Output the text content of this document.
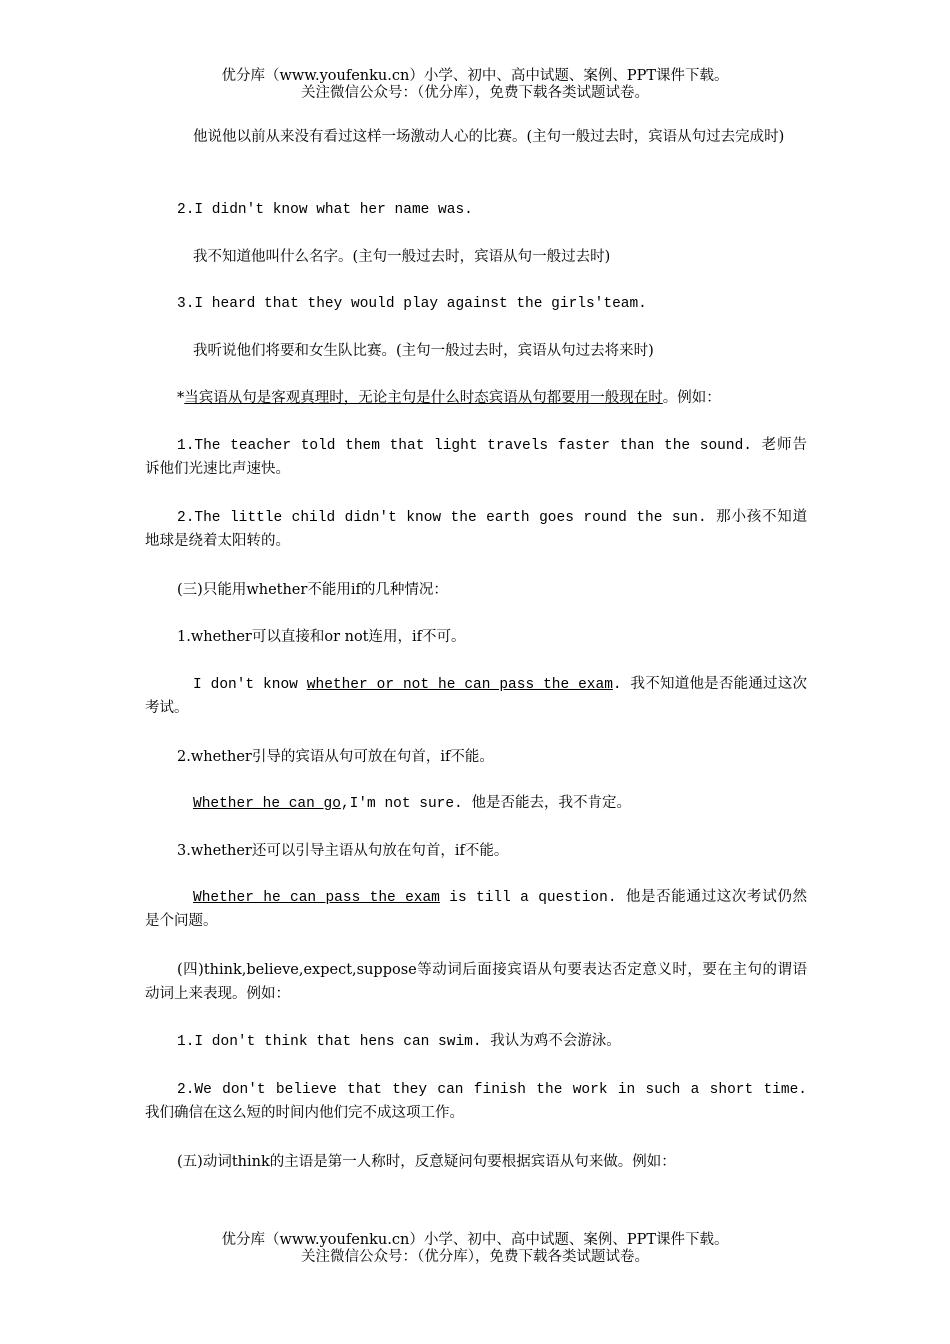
优分库（www.youfenku.cn）小学、初中、高中试题、案例、PPT课件下载。
关注微信公众号：（优分库），免费下载各类试题试卷。
他说他以前从来没有看过这样一场激动人心的比赛。(主句一般过去时，宾语从句过去完成时)
2.I didn't know what her name was.
我不知道他叫什么名字。(主句一般过去时，宾语从句一般过去时)
3.I heard that they would play against the girls'team.
我听说他们将要和女生队比赛。(主句一般过去时，宾语从句过去将来时)
*当宾语从句是客观真理时，无论主句是什么时态宾语从句都要用一般现在时。例如：
1.The teacher told them that light travels faster than the sound. 老师告诉他们光速比声速快。
2.The little child didn't know the earth goes round the sun. 那小孩不知道地球是绕着太阳转的。
(三)只能用whether不能用if的几种情况：
1.whether可以直接和or not连用，if不可。
I don't know whether or not he can pass the exam. 我不知道他是否能通过这次考试。
2.whether引导的宾语从句可放在句首，if不能。
Whether he can go,I'm not sure. 他是否能去，我不肯定。
3.whether还可以引导主语从句放在句首，if不能。
Whether he can pass the exam is till a question. 他是否能通过这次考试仍然是个问题。
(四)think,believe,expect,suppose等动词后面接宾语从句要表达否定意义时，要在主句的谓语动词上来表现。例如：
1.I don't think that hens can swim. 我认为鸡不会游泳。
2.We don't believe that they can finish the work in such a short time. 我们确信在这么短的时间内他们完不成这项工作。
(五)动词think的主语是第一人称时，反意疑问句要根据宾语从句来做。例如：
优分库（www.youfenku.cn）小学、初中、高中试题、案例、PPT课件下载。
关注微信公众号：（优分库），免费下载各类试题试卷。
